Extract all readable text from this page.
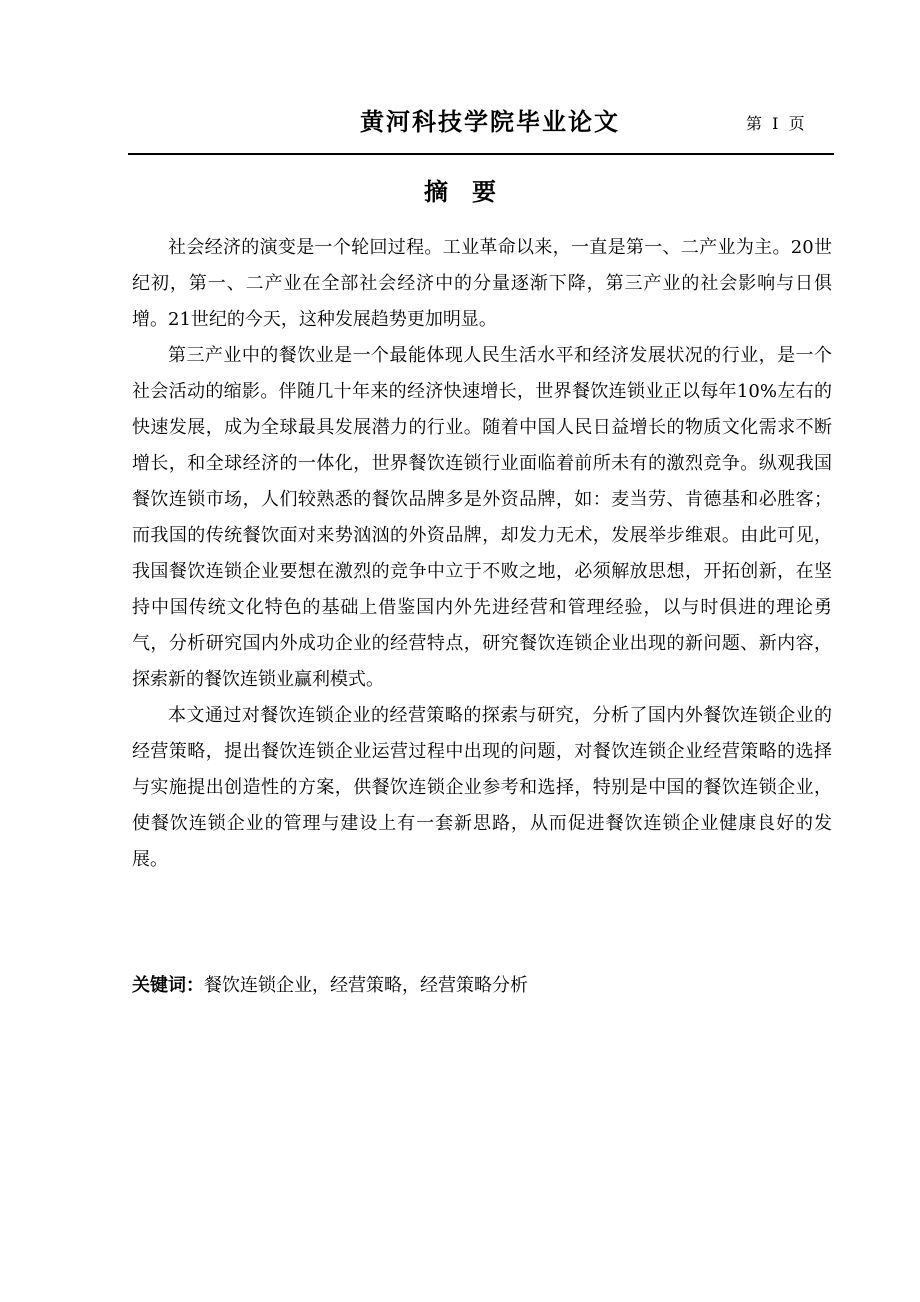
黄河科技学院毕业论文	第  I  页
摘要

社会经济的演变是一个轮回过程。工业革命以来，一直是第一、二产业为主。20世纪初，第一、二产业在全部社会经济中的分量逐渐下降，第三产业的社会影响与日俱增。21世纪的今天，这种发展趋势更加明显。

第三产业中的餐饮业是一个最能体现人民生活水平和经济发展状况的行业，是一个社会活动的缩影。伴随几十年来的经济快速增长，世界餐饮连锁业正以每年10%左右的快速发展，成为全球最具发展潜力的行业。随着中国人民日益增长的物质文化需求不断增长，和全球经济的一体化，世界餐饮连锁行业面临着前所未有的激烈竞争。纵观我国餐饮连锁市场，人们较熟悉的餐饮品牌多是外资品牌，如：麦当劳、肯德基和必胜客；而我国的传统餐饮面对来势汹汹的外资品牌，却发力无术，发展举步维艰。由此可见，我国餐饮连锁企业要想在激烈的竞争中立于不败之地，必须解放思想，开拓创新，在坚持中国传统文化特色的基础上借鉴国内外先进经营和管理经验，以与时俱进的理论勇气，分析研究国内外成功企业的经营特点，研究餐饮连锁企业出现的新问题、新内容，探索新的餐饮连锁业赢利模式。

本文通过对餐饮连锁企业的经营策略的探索与研究，分析了国内外餐饮连锁企业的经营策略，提出餐饮连锁企业运营过程中出现的问题，对餐饮连锁企业经营策略的选择与实施提出创造性的方案，供餐饮连锁企业参考和选择，特别是中国的餐饮连锁企业，使餐饮连锁企业的管理与建设上有一套新思路，从而促进餐饮连锁企业健康良好的发展。

关键词：餐饮连锁企业，经营策略，经营策略分析
